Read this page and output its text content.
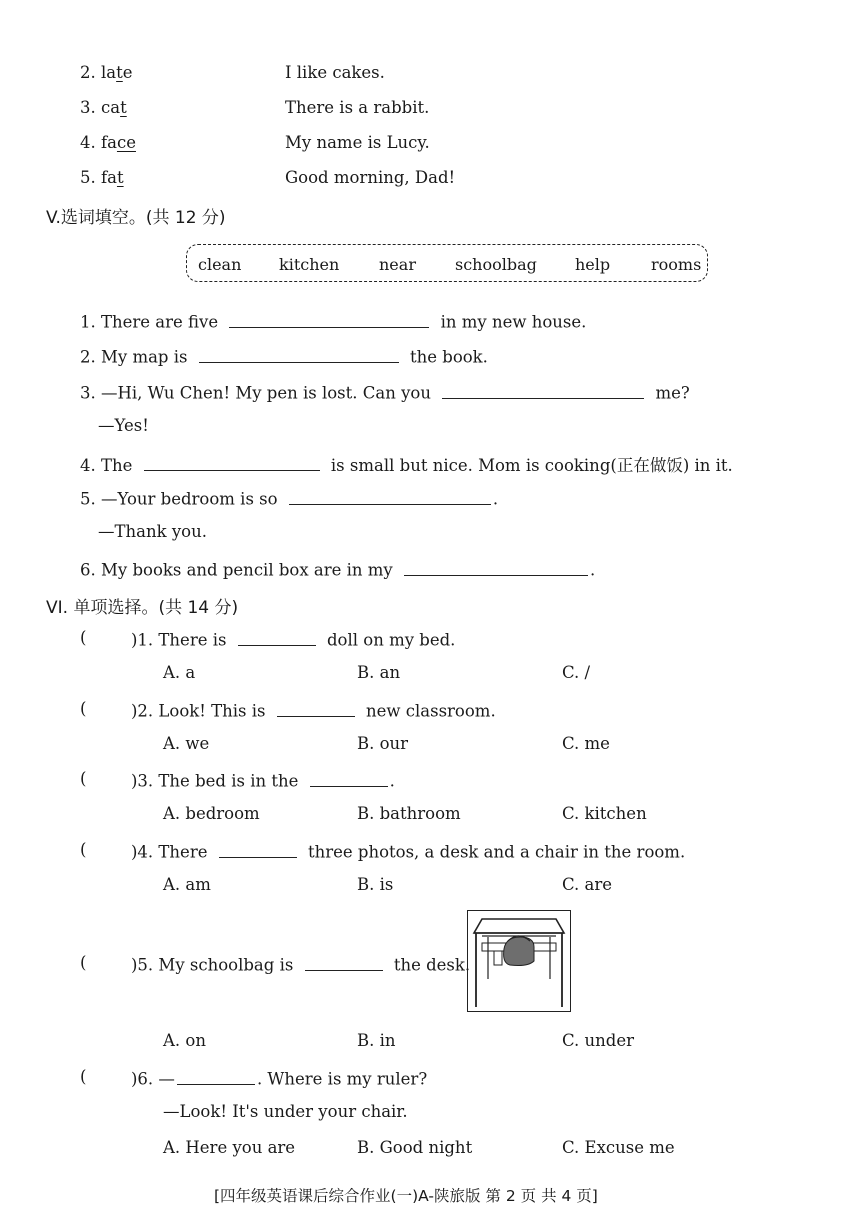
2. late	I like cakes.
3. cat	There is a rabbit.
4. face	My name is Lucy.
5. fat	Good morning, Dad!
V.选词填空。(共 12 分)
clean kitchen near schoolbag help	rooms
1. There are five	in my new house.
2. My map is	the book.
3. —Hi, Wu Chen! My pen is lost. Can you	me?
—Yes!
4. The	is small but nice. Mom is cooking(正在做饭) in it.
5. —Your bedroom is so	.
—Thank you.
6. My books and pencil box are in my	.
VI. 单项选择。(共 14 分)
(	)1. There is	doll on my bed.
A. a	B. an	C. /
(	)2. Look! This is	new classroom.
A. we	B. our	C. me
(	)3. The bed is in the	.
A. bedroom	B. bathroom	C. kitchen
(	)4. There	three photos, a desk and a chair in the room.
A. am	B. is	C. are
(	)5. My schoolbag is	the desk.
A. on	B. in	C. under
(	)6. —	. Where is my ruler?
—Look! It's under your chair.
A. Here you are	B. Good night	C. Excuse me
[四年级英语课后综合作业(一)A-陕旅版 第 2 页 共 4 页]
